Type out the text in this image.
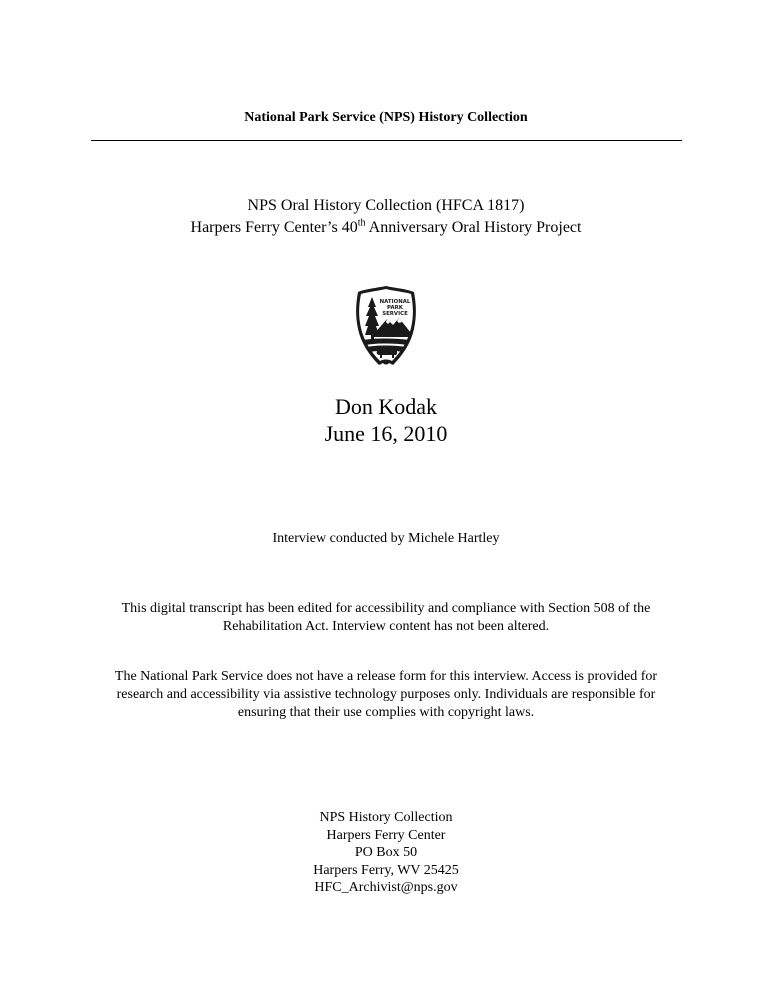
National Park Service (NPS) History Collection

NPS Oral History Collection (HFCA 1817)
Harpers Ferry Center’s 40th Anniversary Oral History Project
NATIONAL
PARK
SERVICE
Don Kodak
June 16, 2010

Interview conducted by Michele Hartley

This digital transcript has been edited for accessibility and compliance with Section 508 of the
Rehabilitation Act. Interview content has not been altered.
The National Park Service does not have a release form for this interview. Access is provided for
research and accessibility via assistive technology purposes only. Individuals are responsible for
ensuring that their use complies with copyright laws.
NPS History Collection
Harpers Ferry Center
PO Box 50
Harpers Ferry, WV 25425
HFC_Archivist@nps.gov
